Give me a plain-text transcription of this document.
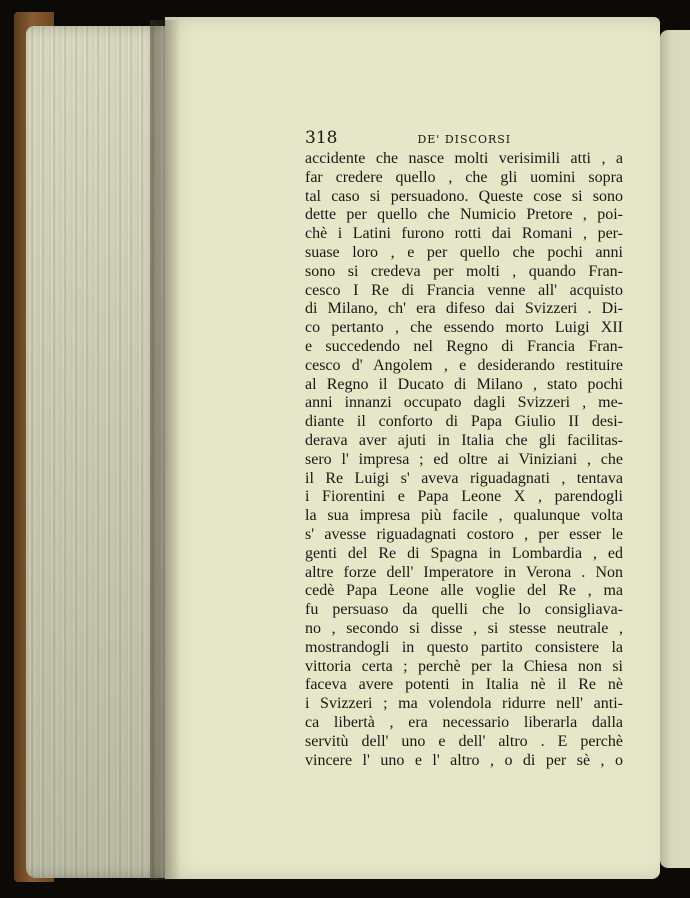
318	DE' DISCORSI
accidente che nasce molti verisimili atti , a
far credere quello , che gli uomini sopra
tal caso si persuadono. Queste cose si sono
dette per quello che Numicio Pretore , poi-
chè i Latini furono rotti dai Romani , per-
suase loro , e per quello che pochi anni
sono si credeva per molti , quando Fran-
cesco I Re di Francia venne all' acquisto
di Milano, ch' era difeso dai Svizzeri . Di-
co pertanto , che essendo morto Luigi XII
e succedendo nel Regno di Francia Fran-
cesco d' Angolem , e desiderando restituire
al Regno il Ducato di Milano , stato pochi
anni innanzi occupato dagli Svizzeri , me-
diante il conforto di Papa Giulio II desi-
derava aver ajuti in Italia che gli facilitas-
sero l' impresa ; ed oltre ai Viniziani , che
il Re Luigi s' aveva riguadagnati , tentava
i Fiorentini e Papa Leone X , parendogli
la sua impresa più facile , qualunque volta
s' avesse riguadagnati costoro , per esser le
genti del Re di Spagna in Lombardia , ed
altre forze dell' Imperatore in Verona . Non
cedè Papa Leone alle voglie del Re , ma
fu persuaso da quelli che lo consigliava-
no , secondo si disse , si stesse neutrale ,
mostrandogli in questo partito consistere la
vittoria certa ; perchè per la Chiesa non si
faceva avere potenti in Italia nè il Re nè
i Svizzeri ; ma volendola ridurre nell' anti-
ca libertà , era necessario liberarla dalla
servitù dell' uno e dell' altro . E perchè
vincere l' uno e l' altro , o di per sè , o
